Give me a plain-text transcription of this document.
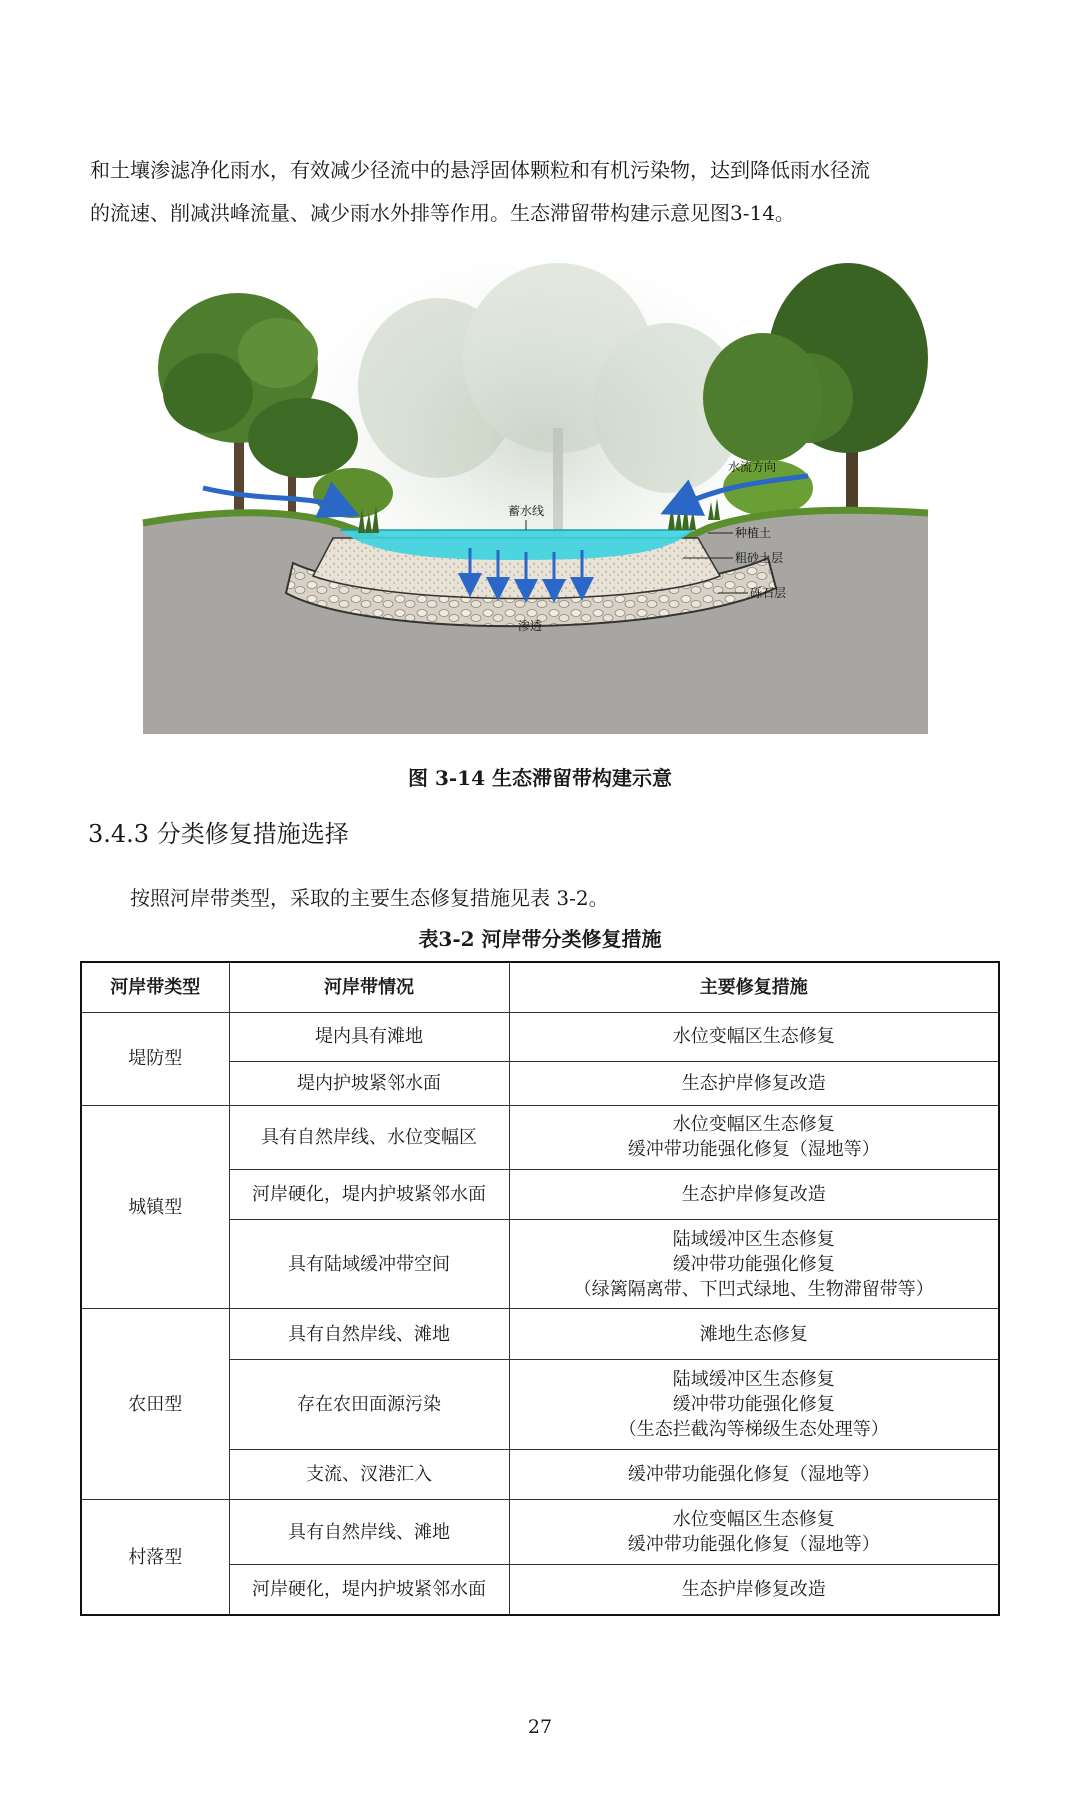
和土壤渗滤净化雨水，有效减少径流中的悬浮固体颗粒和有机污染物，达到降低雨水径流

的流速、削减洪峰流量、减少雨水外排等作用。生态滞留带构建示意见图3-14。

蓄水线
水流方向
种植土
粗砂土层
砾石层
渗透
图 3-14 生态滞留带构建示意
3.4.3 分类修复措施选择

按照河岸带类型，采取的主要生态修复措施见表 3-2。

表3-2 河岸带分类修复措施
河岸带类型	河岸带情况	主要修复措施
堤防型	堤内具有滩地	水位变幅区生态修复

	堤内护坡紧邻水面	生态护岸修复改造

城镇型	具有自然岸线、水位变幅区	水位变幅区生态修复
缓冲带功能强化修复（湿地等）

	河岸硬化，堤内护坡紧邻水面	生态护岸修复改造

	具有陆域缓冲带空间	陆域缓冲区生态修复
缓冲带功能强化修复
（绿篱隔离带、下凹式绿地、生物滞留带等）

农田型	具有自然岸线、滩地	滩地生态修复

	存在农田面源污染	陆域缓冲区生态修复
缓冲带功能强化修复
（生态拦截沟等梯级生态处理等）

	支流、汊港汇入	缓冲带功能强化修复（湿地等）

村落型	具有自然岸线、滩地	水位变幅区生态修复
缓冲带功能强化修复（湿地等）

	河岸硬化，堤内护坡紧邻水面	生态护岸修复改造
27
